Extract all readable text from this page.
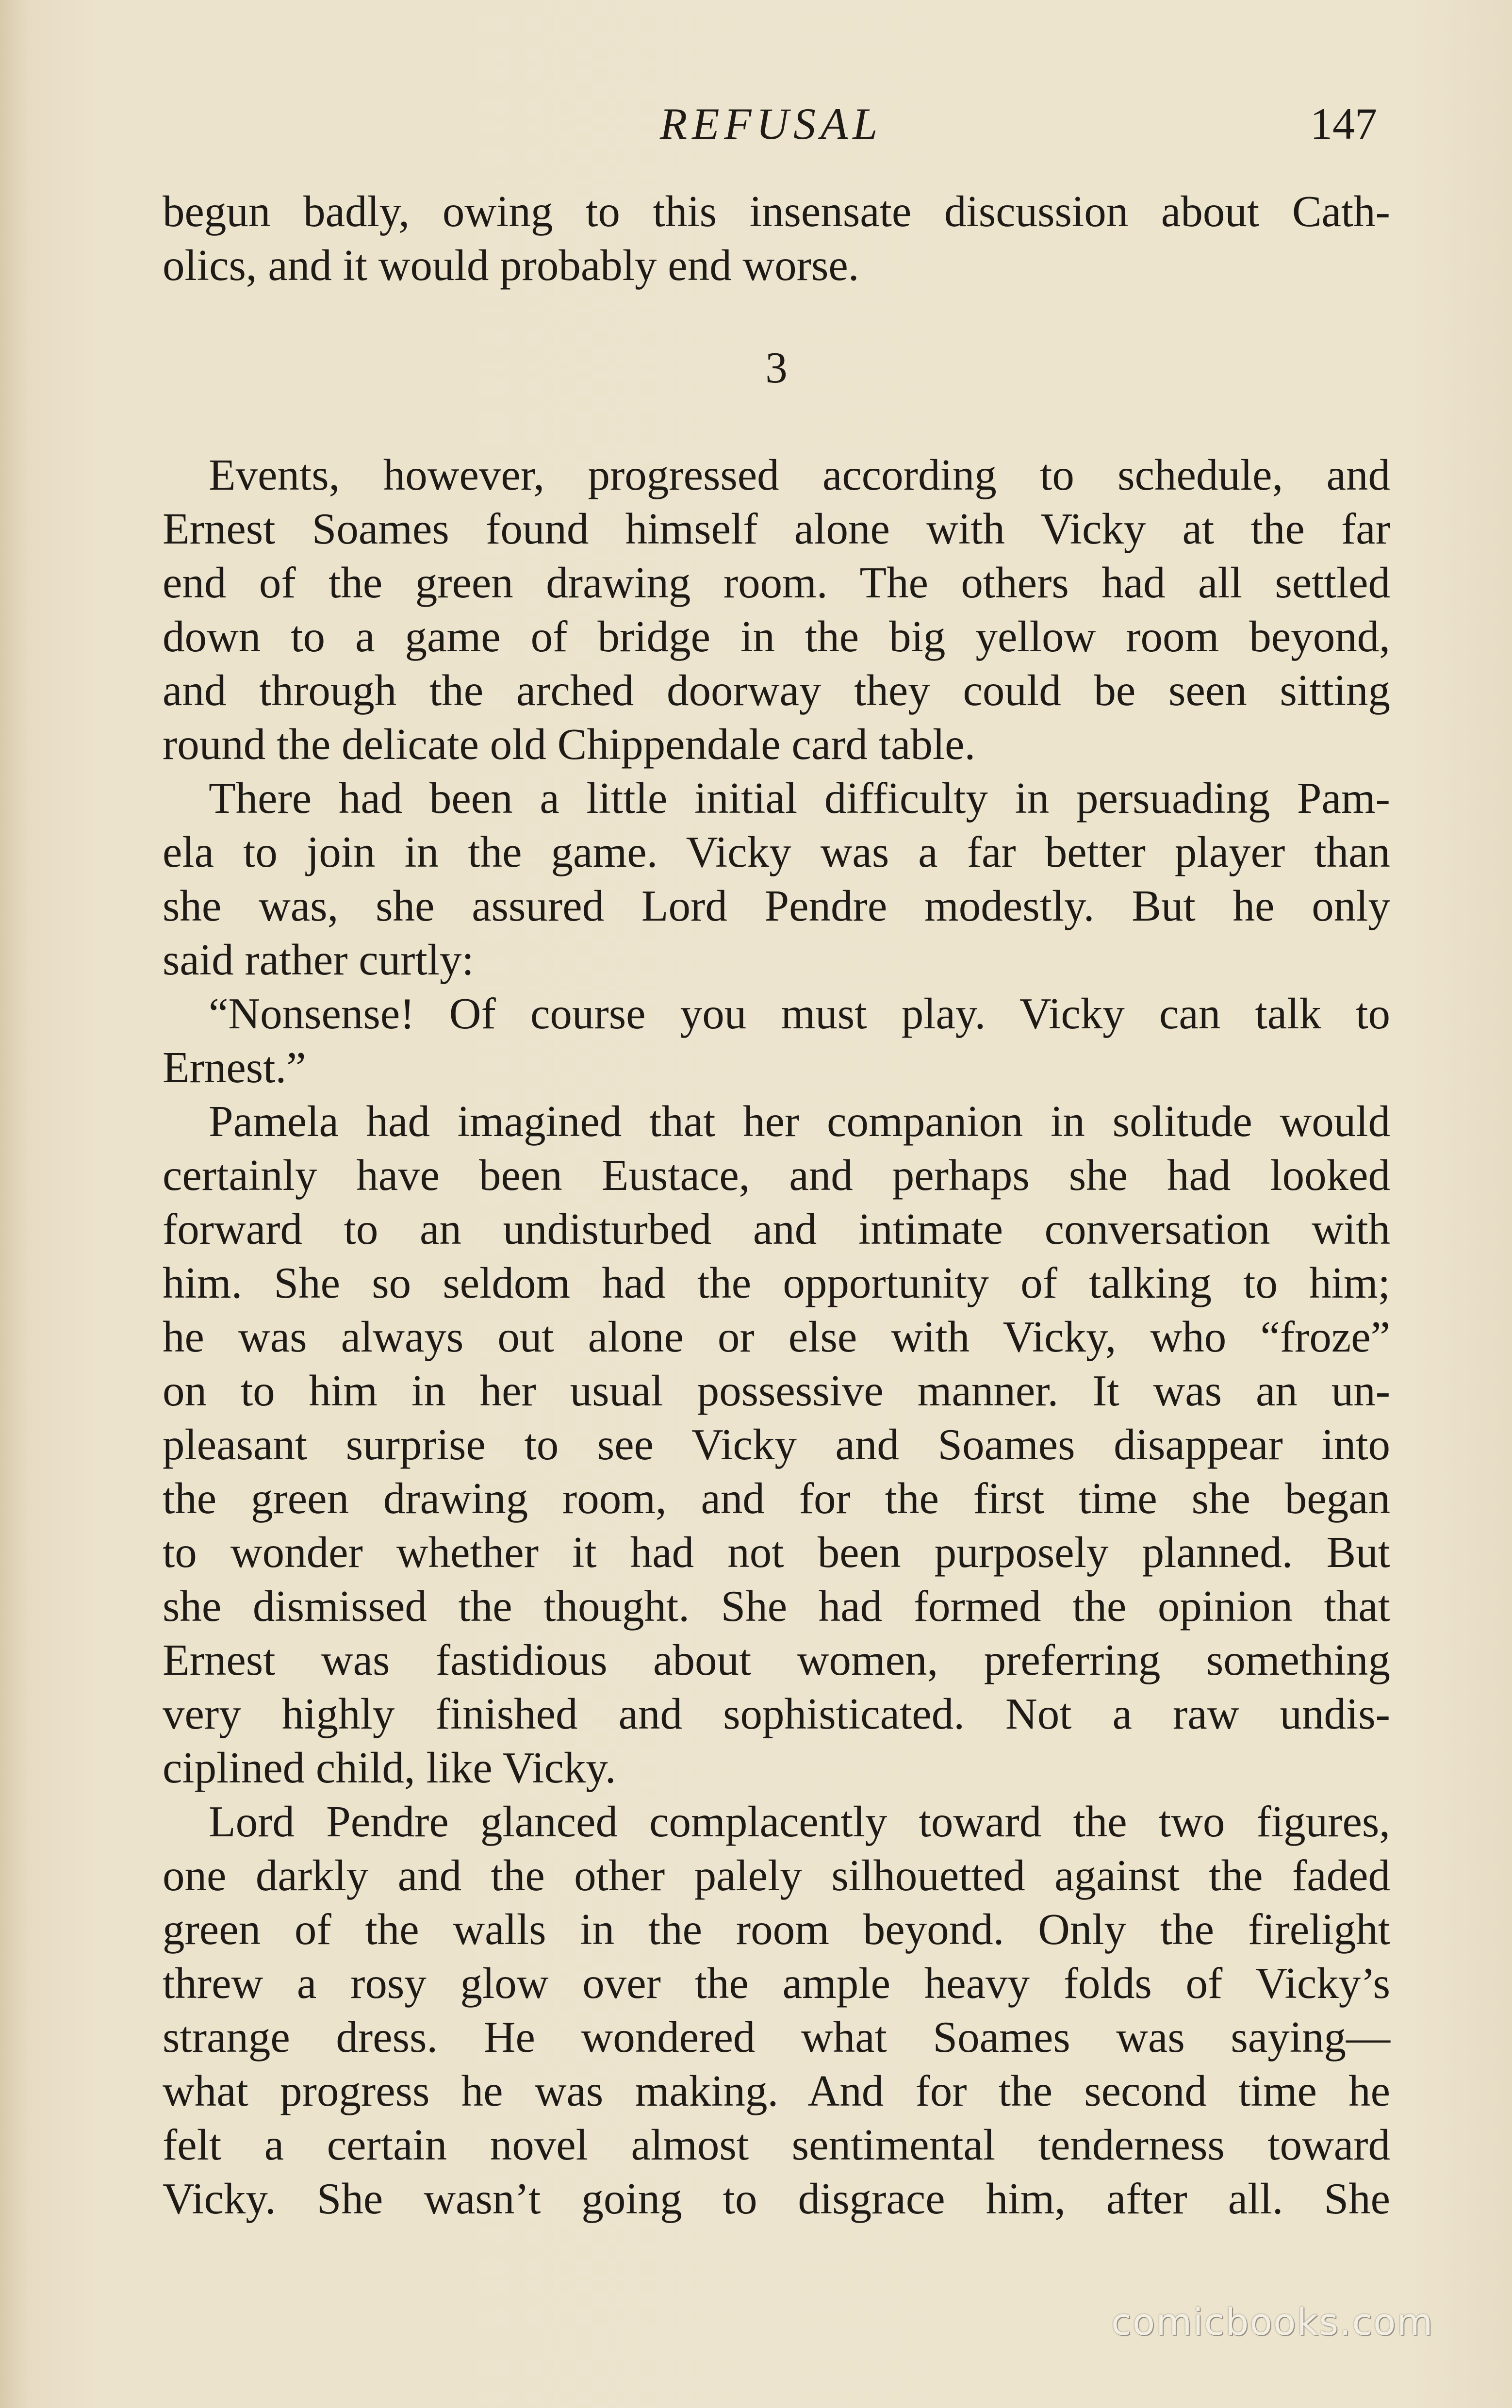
REFUSAL	147
begun badly, owing to this insensate discussion about Cath-
olics, and it would probably end worse.
3
Events, however, progressed according to schedule, and
Ernest Soames found himself alone with Vicky at the far
end of the green drawing room. The others had all settled
down to a game of bridge in the big yellow room beyond,
and through the arched doorway they could be seen sitting
round the delicate old Chippendale card table.
There had been a little initial difficulty in persuading Pam-
ela to join in the game. Vicky was a far better player than
she was, she assured Lord Pendre modestly. But he only
said rather curtly:
“Nonsense! Of course you must play. Vicky can talk to
Ernest.”
Pamela had imagined that her companion in solitude would
certainly have been Eustace, and perhaps she had looked
forward to an undisturbed and intimate conversation with
him. She so seldom had the opportunity of talking to him;
he was always out alone or else with Vicky, who “froze”
on to him in her usual possessive manner. It was an un-
pleasant surprise to see Vicky and Soames disappear into
the green drawing room, and for the first time she began
to wonder whether it had not been purposely planned. But
she dismissed the thought. She had formed the opinion that
Ernest was fastidious about women, preferring something
very highly finished and sophisticated. Not a raw undis-
ciplined child, like Vicky.
Lord Pendre glanced complacently toward the two figures,
one darkly and the other palely silhouetted against the faded
green of the walls in the room beyond. Only the firelight
threw a rosy glow over the ample heavy folds of Vicky’s
strange dress. He wondered what Soames was saying—
what progress he was making. And for the second time he
felt a certain novel almost sentimental tenderness toward
Vicky. She wasn’t going to disgrace him, after all. She
comicbooks.com
